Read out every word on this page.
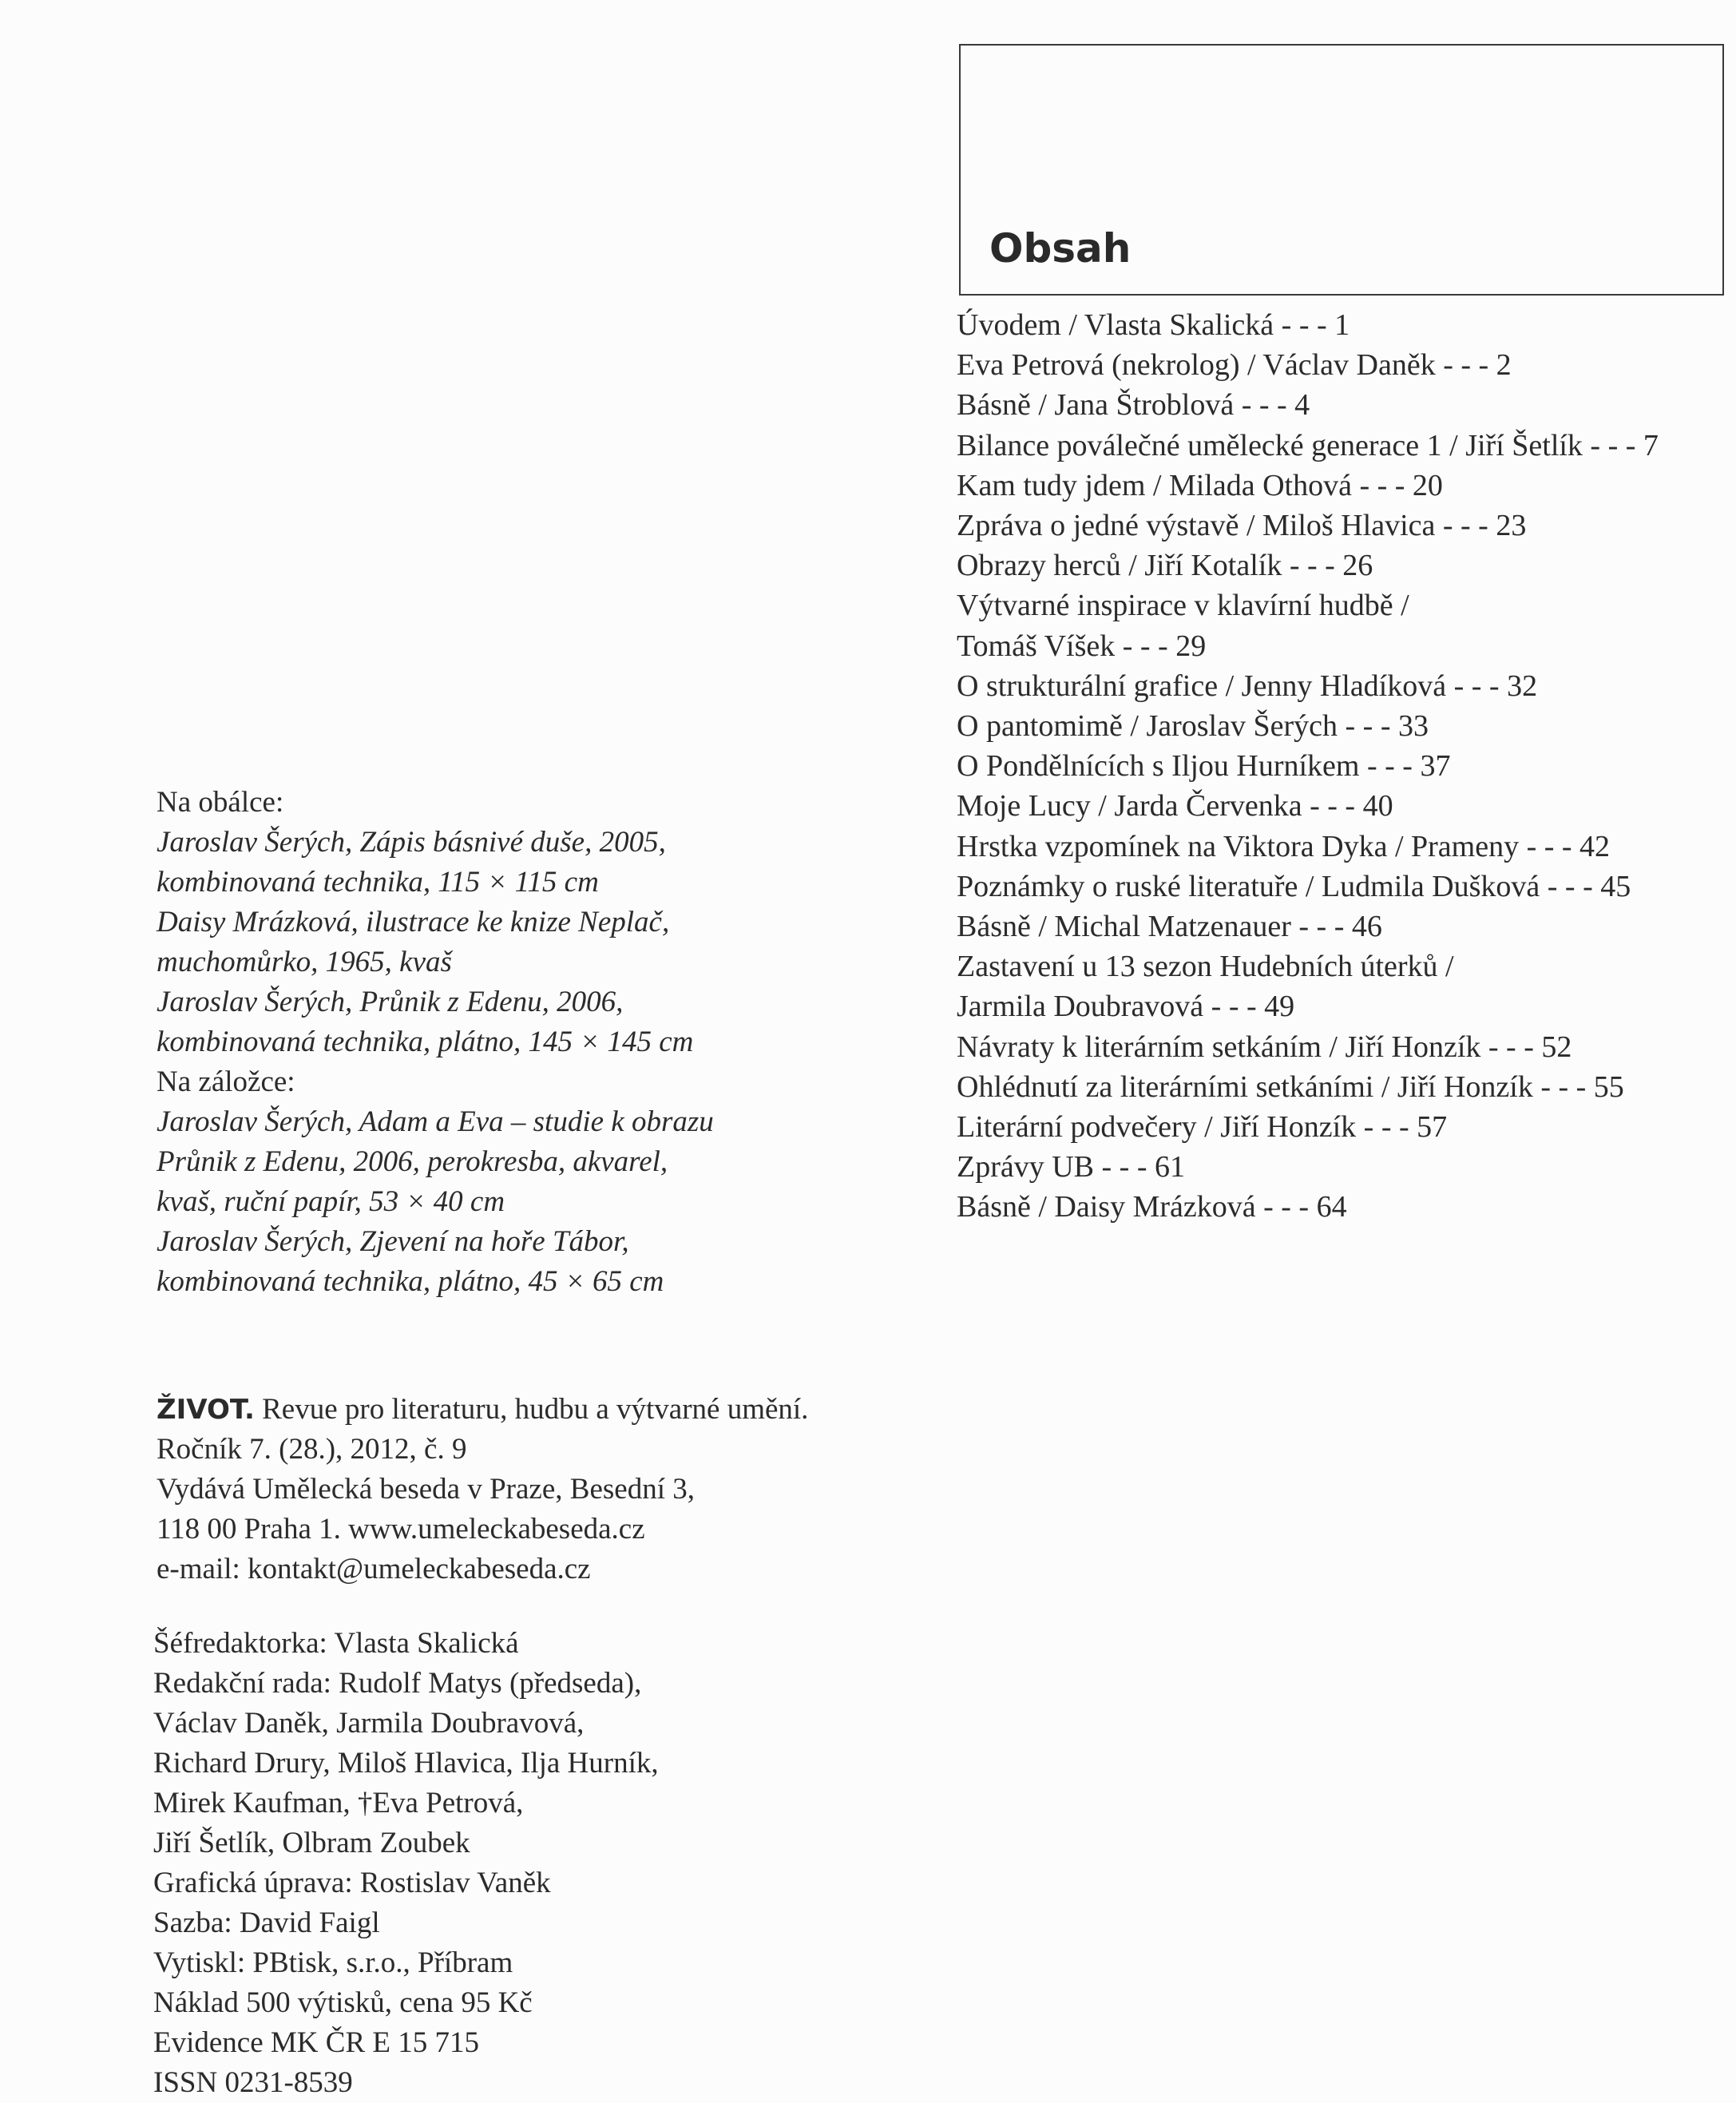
Obsah
Úvodem / Vlasta Skalická - - - 1
Eva Petrová (nekrolog) / Václav Daněk - - - 2
Básně / Jana Štroblová - - - 4
Bilance poválečné umělecké generace 1 / Jiří Šetlík - - - 7
Kam tudy jdem / Milada Othová - - - 20
Zpráva o jedné výstavě / Miloš Hlavica - - - 23
Obrazy herců / Jiří Kotalík - - - 26
Výtvarné inspirace v klavírní hudbě /
Tomáš Víšek - - - 29
O strukturální grafice / Jenny Hladíková - - - 32
O pantomimě / Jaroslav Šerých - - - 33
O Pondělnících s Iljou Hurníkem - - - 37
Moje Lucy / Jarda Červenka - - - 40
Hrstka vzpomínek na Viktora Dyka / Prameny - - - 42
Poznámky o ruské literatuře / Ludmila Dušková - - - 45
Básně / Michal Matzenauer - - - 46
Zastavení u 13 sezon Hudebních úterků /
Jarmila Doubravová - - - 49
Návraty k literárním setkáním / Jiří Honzík - - - 52
Ohlédnutí za literárními setkáními / Jiří Honzík - - - 55
Literární podvečery / Jiří Honzík - - - 57
Zprávy UB - - - 61
Básně / Daisy Mrázková - - - 64
Na obálce:
Jaroslav Šerých, Zápis básnivé duše, 2005,
kombinovaná technika, 115 × 115 cm
Daisy Mrázková, ilustrace ke knize Neplač,
muchomůrko, 1965, kvaš
Jaroslav Šerých, Průnik z Edenu, 2006,
kombinovaná technika, plátno, 145 × 145 cm
Na záložce:
Jaroslav Šerých, Adam a Eva – studie k obrazu
Průnik z Edenu, 2006, perokresba, akvarel,
kvaš, ruční papír, 53 × 40 cm
Jaroslav Šerých, Zjevení na hoře Tábor,
kombinovaná technika, plátno, 45 × 65 cm
ŽIVOT. Revue pro literaturu, hudbu a výtvarné umění.
Ročník 7. (28.), 2012, č. 9
Vydává Umělecká beseda v Praze, Besední 3,
118 00 Praha 1. www.umeleckabeseda.cz
e-mail: kontakt@umeleckabeseda.cz
Šéfredaktorka: Vlasta Skalická
Redakční rada: Rudolf Matys (předseda),
Václav Daněk, Jarmila Doubravová,
Richard Drury, Miloš Hlavica, Ilja Hurník,
Mirek Kaufman, †Eva Petrová,
Jiří Šetlík, Olbram Zoubek
Grafická úprava: Rostislav Vaněk
Sazba: David Faigl
Vytiskl: PBtisk, s.r.o., Příbram
Náklad 500 výtisků, cena 95 Kč
Evidence MK ČR E 15 715
ISSN 0231-8539
